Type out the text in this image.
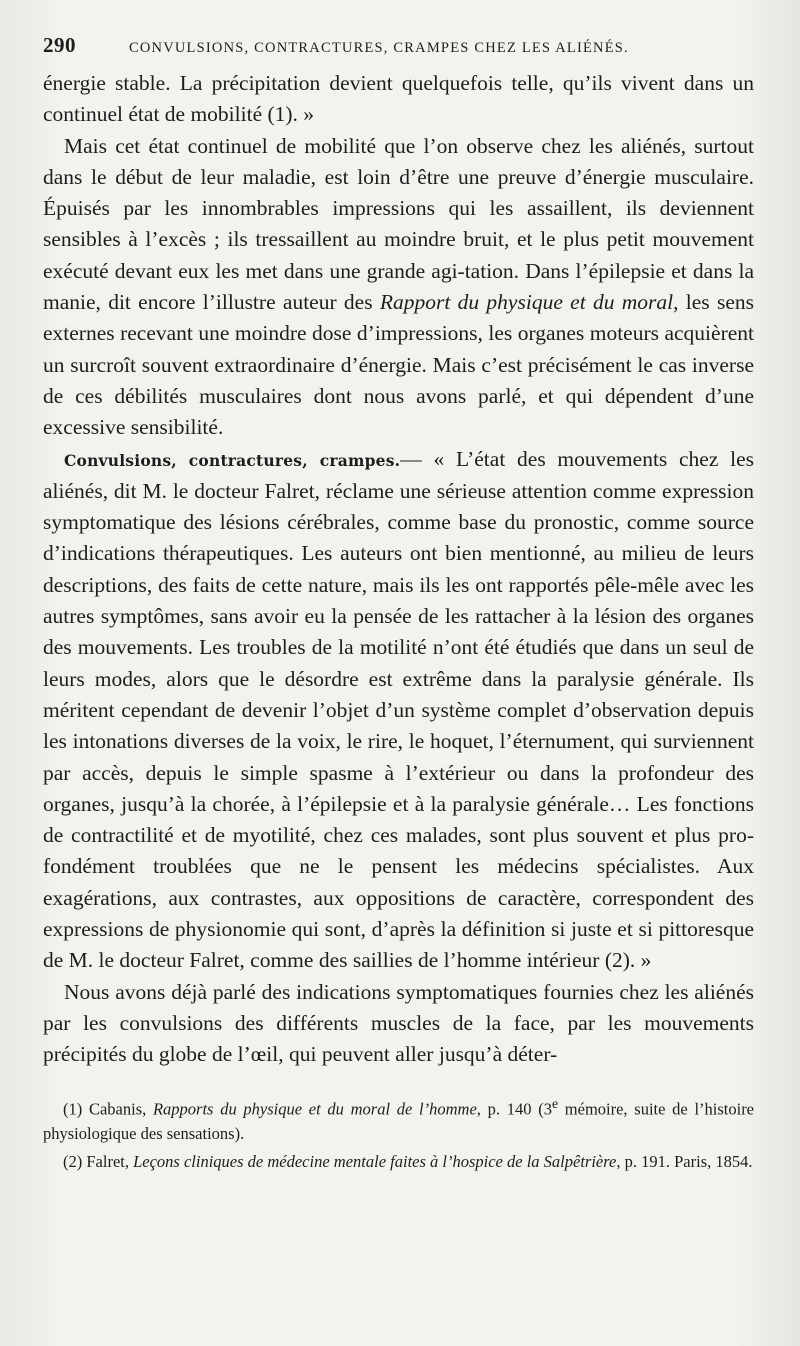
290	CONVULSIONS, CONTRACTURES, CRAMPES CHEZ LES ALIÉNÉS.

énergie stable. La précipitation devient quelquefois telle, qu’ils vivent dans un continuel état de mobilité (1). »

Mais cet état continuel de mobilité que l’on observe chez les aliénés, surtout dans le début de leur maladie, est loin d’être une preuve d’énergie musculaire. Épuisés par les innombrables impressions qui les assaillent, ils deviennent sensibles à l’excès ; ils tressaillent au moindre bruit, et le plus petit mouvement exécuté devant eux les met dans une grande agi-tation. Dans l’épilepsie et dans la manie, dit encore l’illustre auteur des Rapport du physique et du moral, les sens externes recevant une moindre dose d’impressions, les organes moteurs acquièrent un surcroît souvent extraordinaire d’énergie. Mais c’est précisément le cas inverse de ces débilités musculaires dont nous avons parlé, et qui dépendent d’une excessive sensibilité.

Convulsions, contractures, crampes.— « L’état des mouvements chez les aliénés, dit M. le docteur Falret, réclame une sérieuse attention comme expression symptomatique des lésions cérébrales, comme base du pronostic, comme source d’indications thérapeutiques. Les auteurs ont bien mentionné, au milieu de leurs descriptions, des faits de cette nature, mais ils les ont rapportés pêle-mêle avec les autres symptômes, sans avoir eu la pensée de les rattacher à la lésion des organes des mouvements. Les troubles de la motilité n’ont été étudiés que dans un seul de leurs modes, alors que le désordre est extrême dans la paralysie générale. Ils méritent cependant de devenir l’objet d’un système complet d’observation depuis les intonations diverses de la voix, le rire, le hoquet, l’éternument, qui surviennent par accès, depuis le simple spasme à l’extérieur ou dans la profondeur des organes, jusqu’à la chorée, à l’épilepsie et à la paralysie générale… Les fonctions de contractilité et de myotilité, chez ces malades, sont plus souvent et plus profondément troublées que ne le pensent les médecins spécialistes. Aux exagérations, aux contrastes, aux oppositions de caractère, correspondent des expressions de physionomie qui sont, d’après la définition si juste et si pittoresque de M. le docteur Falret, comme des saillies de l’homme intérieur (2). »

Nous avons déjà parlé des indications symptomatiques fournies chez les aliénés par les convulsions des différents muscles de la face, par les mouvements précipités du globe de l’œil, qui peuvent aller jusqu’à déter-

(1) Cabanis, Rapports du physique et du moral de l’homme, p. 140 (3e mémoire, suite de l’histoire physiologique des sensations).

(2) Falret, Leçons cliniques de médecine mentale faites à l’hospice de la Salpêtrière, p. 191. Paris, 1854.
